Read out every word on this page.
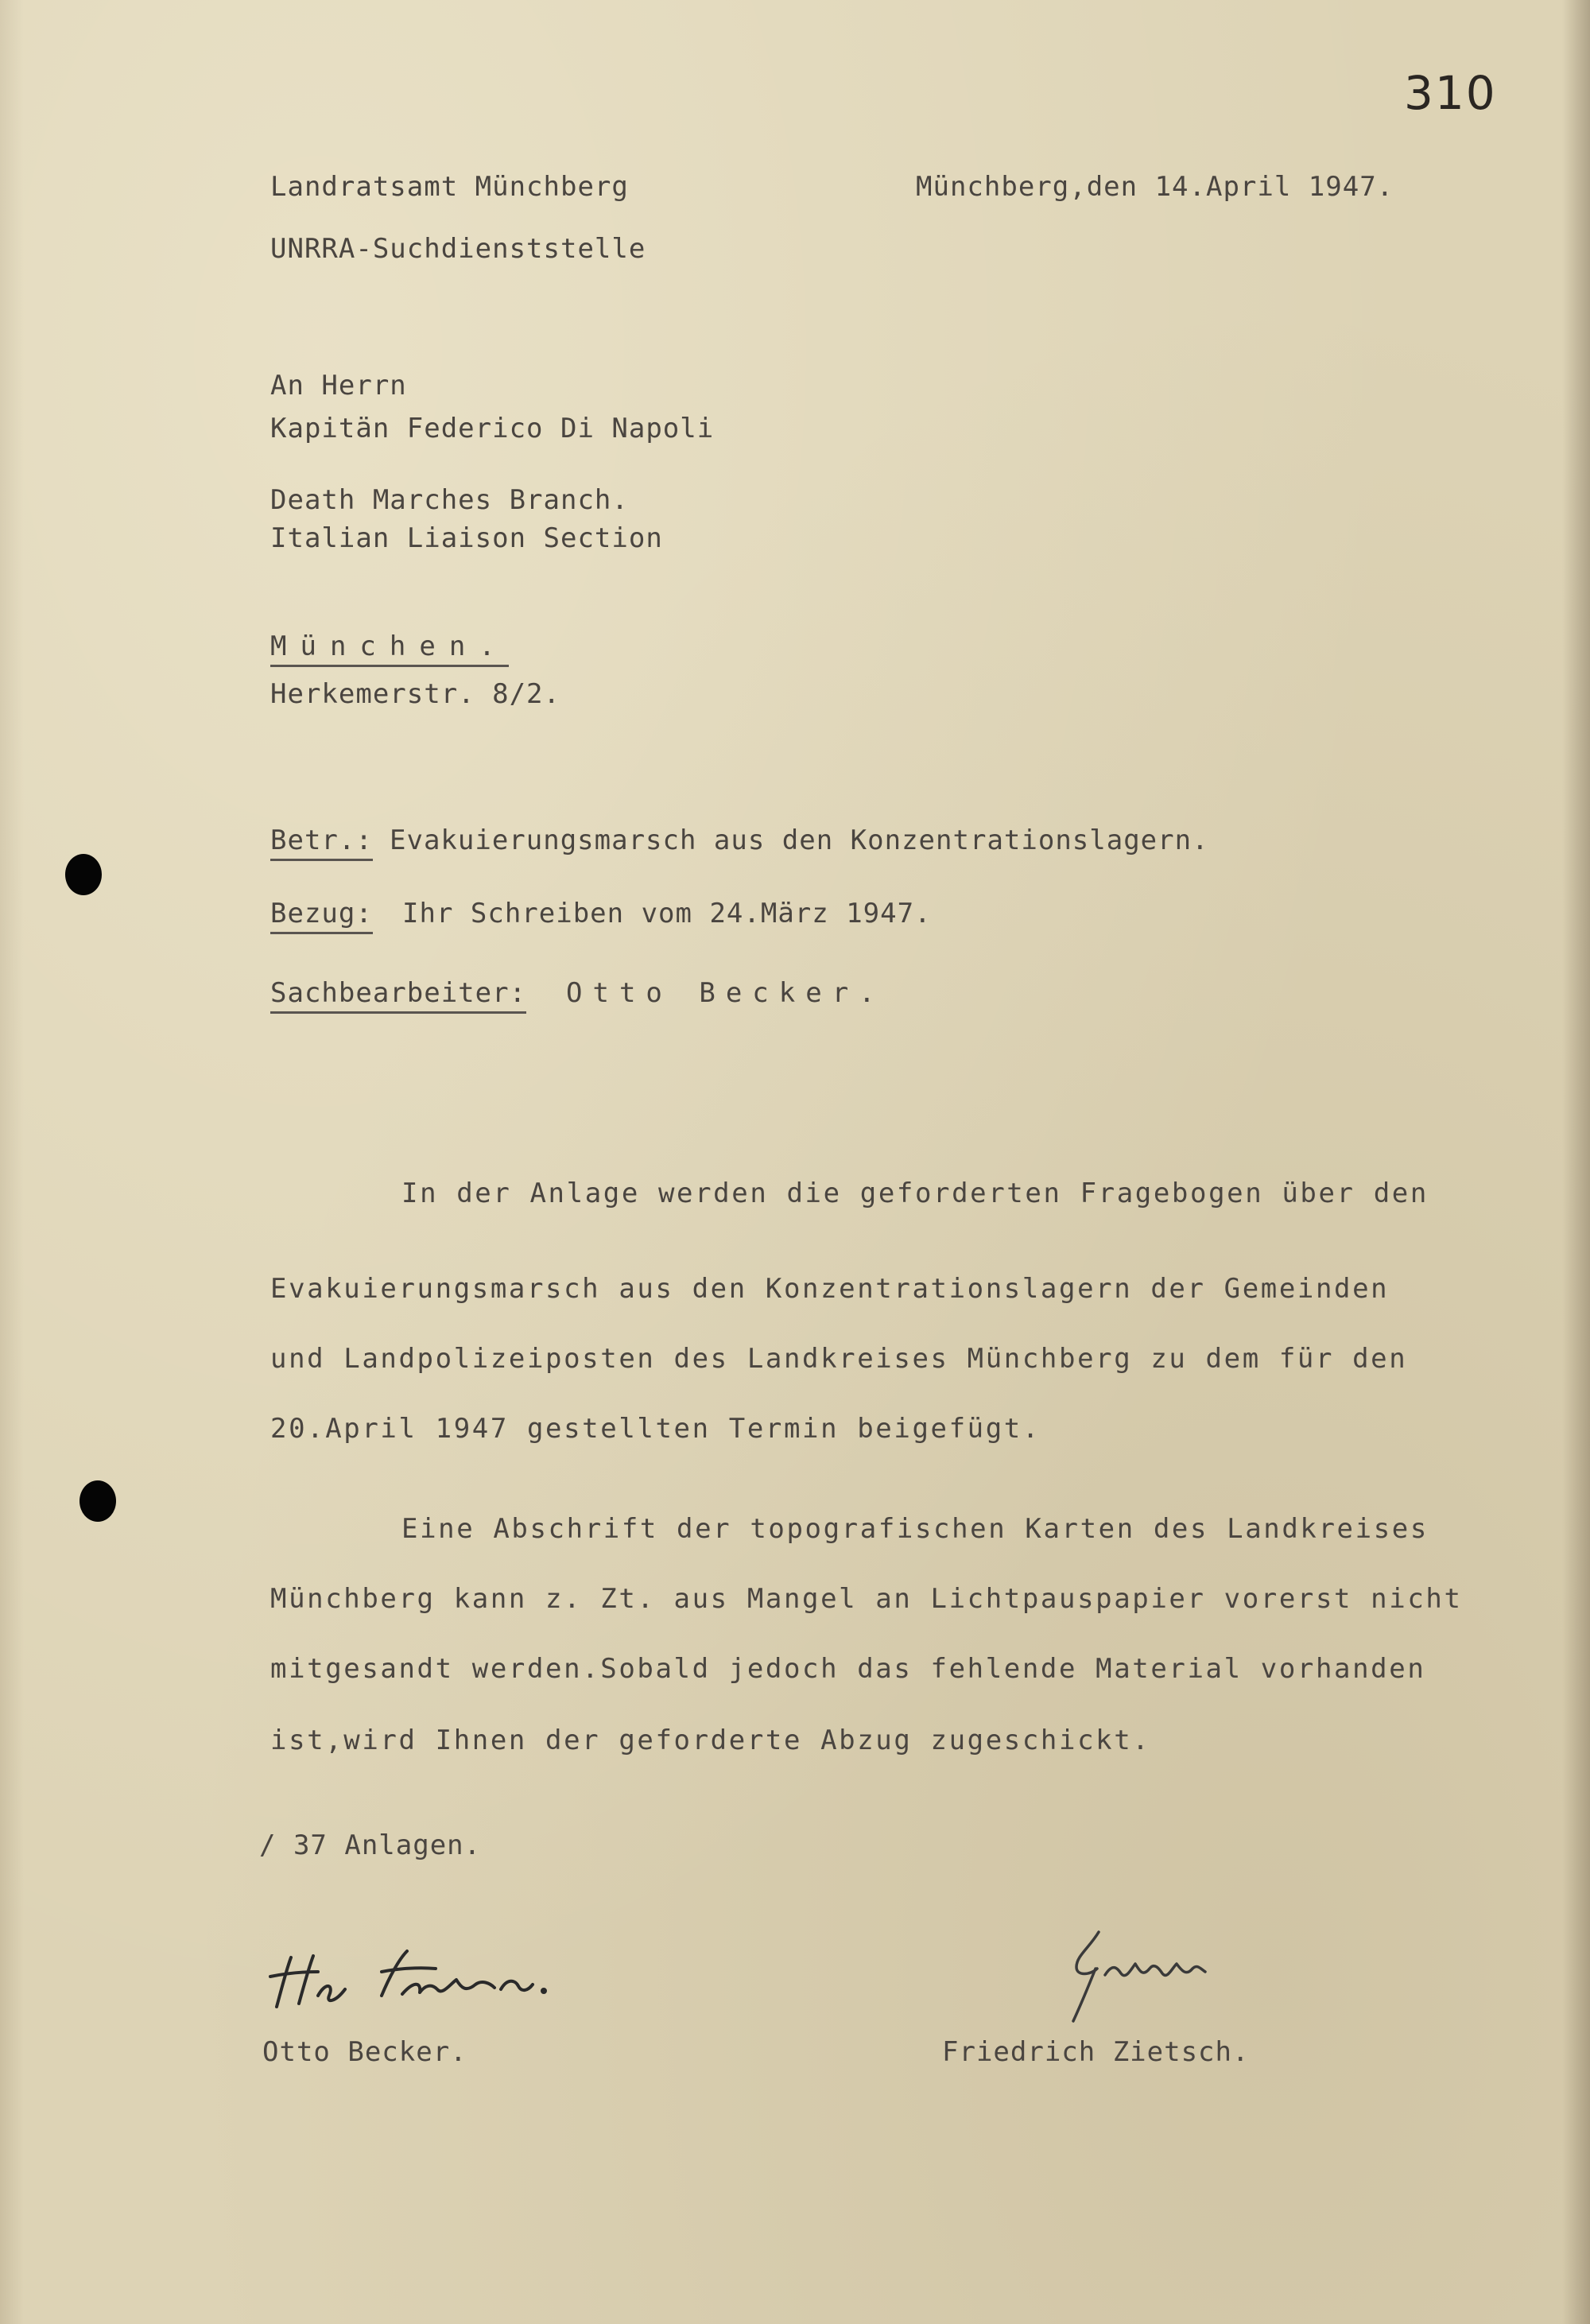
310
Landratsamt Münchberg
UNRRA-Suchdienststelle
Münchberg,den 14.April 1947.
An Herrn
Kapitän Federico Di Napoli
Death Marches Branch.
Italian Liaison Section
München.
Herkemerstr. 8/2.
Betr.: Evakuierungsmarsch aus den Konzentrationslagern.
Bezug: Ihr Schreiben vom 24.März 1947.
Sachbearbeiter: Otto Becker.
In der Anlage werden die geforderten Fragebogen über den
Evakuierungsmarsch aus den Konzentrationslagern der Gemeinden
und Landpolizeiposten des Landkreises Münchberg zu dem für den
20.April 1947 gestellten Termin beigefügt.
Eine Abschrift der topografischen Karten des Landkreises
Münchberg kann z. Zt. aus Mangel an Lichtpauspapier vorerst nicht
mitgesandt werden.Sobald jedoch das fehlende Material vorhanden
ist,wird Ihnen der geforderte Abzug zugeschickt.
/ 37 Anlagen.
Otto Becker.	Friedrich Zietsch.
